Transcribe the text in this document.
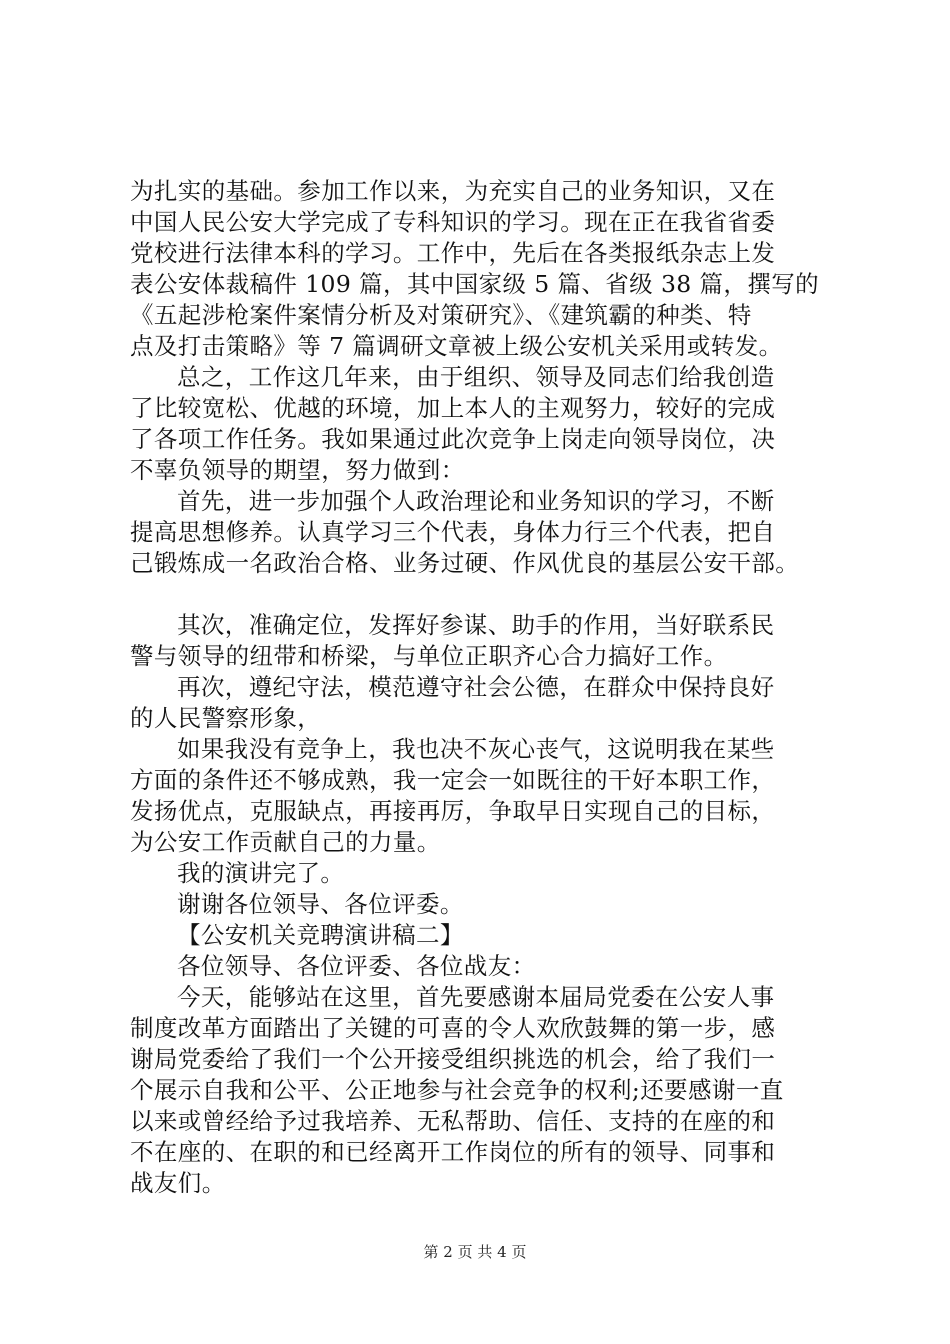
为扎实的基础。参加工作以来，为充实自己的业务知识，又在
中国人民公安大学完成了专科知识的学习。现在正在我省省委
党校进行法律本科的学习。工作中，先后在各类报纸杂志上发
表公安体裁稿件 109 篇，其中国家级 5 篇、省级 38 篇，撰写的
《五起涉枪案件案情分析及对策研究》、《建筑霸的种类、特
点及打击策略》等 7 篇调研文章被上级公安机关采用或转发。
总之，工作这几年来，由于组织、领导及同志们给我创造
了比较宽松、优越的环境，加上本人的主观努力，较好的完成
了各项工作任务。我如果通过此次竞争上岗走向领导岗位，决
不辜负领导的期望，努力做到：
首先，进一步加强个人政治理论和业务知识的学习，不断
提高思想修养。认真学习三个代表，身体力行三个代表，把自
己锻炼成一名政治合格、业务过硬、作风优良的基层公安干部。
其次，准确定位，发挥好参谋、助手的作用，当好联系民
警与领导的纽带和桥梁，与单位正职齐心合力搞好工作。
再次，遵纪守法，模范遵守社会公德，在群众中保持良好
的人民警察形象，
如果我没有竞争上，我也决不灰心丧气，这说明我在某些
方面的条件还不够成熟，我一定会一如既往的干好本职工作，
发扬优点，克服缺点，再接再厉，争取早日实现自己的目标，
为公安工作贡献自己的力量。
我的演讲完了。
谢谢各位领导、各位评委。
【公安机关竞聘演讲稿二】
各位领导、各位评委、各位战友：
今天，能够站在这里，首先要感谢本届局党委在公安人事
制度改革方面踏出了关键的可喜的令人欢欣鼓舞的第一步，感
谢局党委给了我们一个公开接受组织挑选的机会，给了我们一
个展示自我和公平、公正地参与社会竞争的权利;还要感谢一直
以来或曾经给予过我培养、无私帮助、信任、支持的在座的和
不在座的、在职的和已经离开工作岗位的所有的领导、同事和
战友们。
第 2 页 共 4 页
